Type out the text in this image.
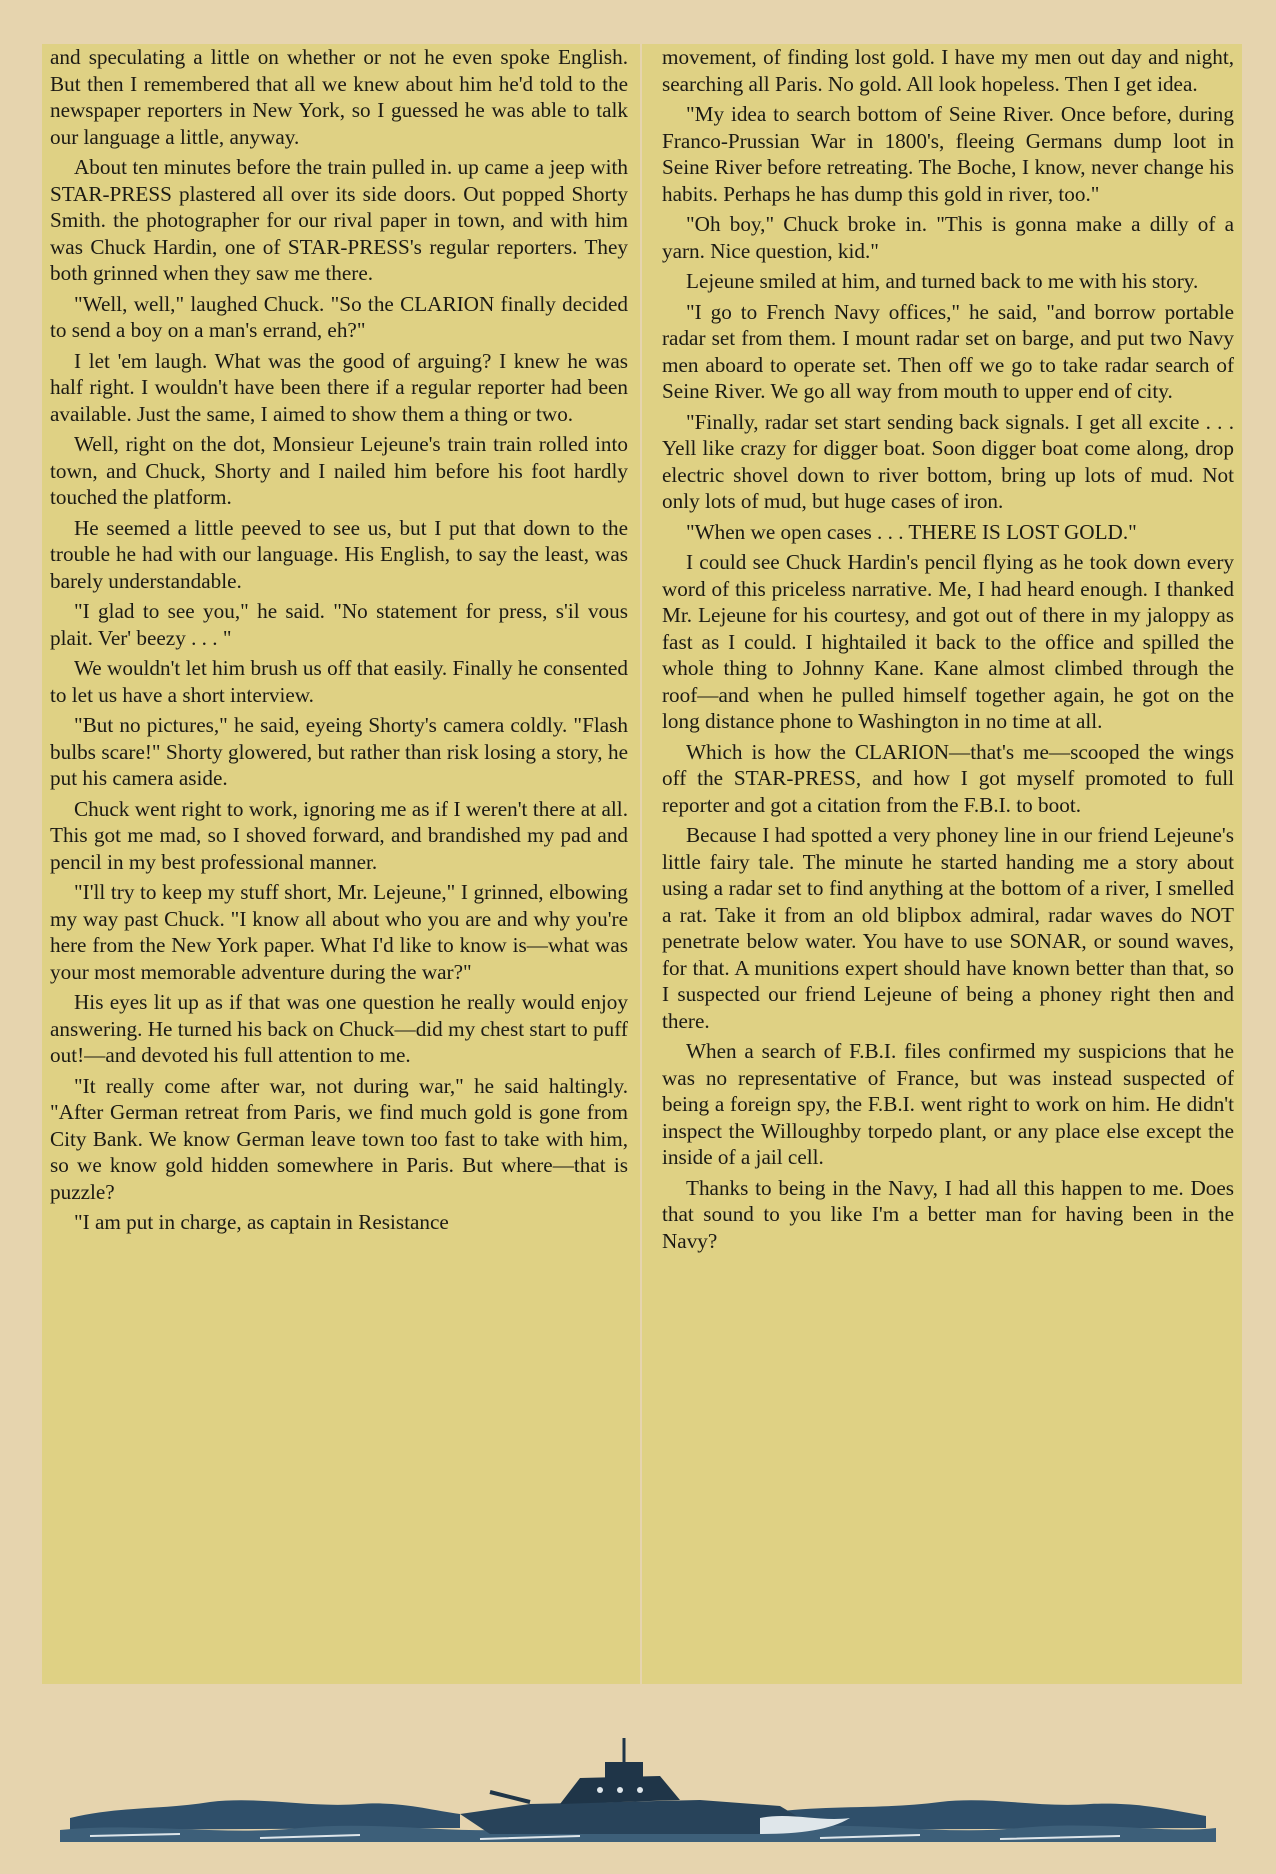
and speculating a little on whether or not he even spoke English. But then I remembered that all we knew about him he'd told to the newspaper reporters in New York, so I guessed he was able to talk our language a little, anyway.

About ten minutes before the train pulled in. up came a jeep with STAR-PRESS plastered all over its side doors. Out popped Shorty Smith. the photographer for our rival paper in town, and with him was Chuck Hardin, one of STAR-PRESS's regular reporters. They both grinned when they saw me there.

"Well, well," laughed Chuck. "So the CLARION finally decided to send a boy on a man's errand, eh?"

I let 'em laugh. What was the good of arguing? I knew he was half right. I wouldn't have been there if a regular reporter had been available. Just the same, I aimed to show them a thing or two.

Well, right on the dot, Monsieur Lejeune's train train rolled into town, and Chuck, Shorty and I nailed him before his foot hardly touched the platform.

He seemed a little peeved to see us, but I put that down to the trouble he had with our language. His English, to say the least, was barely understandable.

"I glad to see you," he said. "No statement for press, s'il vous plait. Ver' beezy . . . "

We wouldn't let him brush us off that easily. Finally he consented to let us have a short interview.

"But no pictures," he said, eyeing Shorty's camera coldly. "Flash bulbs scare!" Shorty glowered, but rather than risk losing a story, he put his camera aside.

Chuck went right to work, ignoring me as if I weren't there at all. This got me mad, so I shoved forward, and brandished my pad and pencil in my best professional manner.

"I'll try to keep my stuff short, Mr. Lejeune," I grinned, elbowing my way past Chuck. "I know all about who you are and why you're here from the New York paper. What I'd like to know is—what was your most memorable adventure during the war?"

His eyes lit up as if that was one question he really would enjoy answering. He turned his back on Chuck—did my chest start to puff out!—and devoted his full attention to me.

"It really come after war, not during war," he said haltingly. "After German retreat from Paris, we find much gold is gone from City Bank. We know German leave town too fast to take with him, so we know gold hidden somewhere in Paris. But where—that is puzzle?

"I am put in charge, as captain in Resistance

movement, of finding lost gold. I have my men out day and night, searching all Paris. No gold. All look hopeless. Then I get idea.

"My idea to search bottom of Seine River. Once before, during Franco-Prussian War in 1800's, fleeing Germans dump loot in Seine River before retreating. The Boche, I know, never change his habits. Perhaps he has dump this gold in river, too."

"Oh boy," Chuck broke in. "This is gonna make a dilly of a yarn. Nice question, kid."

Lejeune smiled at him, and turned back to me with his story.

"I go to French Navy offices," he said, "and borrow portable radar set from them. I mount radar set on barge, and put two Navy men aboard to operate set. Then off we go to take radar search of Seine River. We go all way from mouth to upper end of city.

"Finally, radar set start sending back signals. I get all excite . . . Yell like crazy for digger boat. Soon digger boat come along, drop electric shovel down to river bottom, bring up lots of mud. Not only lots of mud, but huge cases of iron.

"When we open cases . . . THERE IS LOST GOLD."

I could see Chuck Hardin's pencil flying as he took down every word of this priceless narrative. Me, I had heard enough. I thanked Mr. Lejeune for his courtesy, and got out of there in my jaloppy as fast as I could. I hightailed it back to the office and spilled the whole thing to Johnny Kane. Kane almost climbed through the roof—and when he pulled himself together again, he got on the long distance phone to Washington in no time at all.

Which is how the CLARION—that's me—scooped the wings off the STAR-PRESS, and how I got myself promoted to full reporter and got a citation from the F.B.I. to boot.

Because I had spotted a very phoney line in our friend Lejeune's little fairy tale. The minute he started handing me a story about using a radar set to find anything at the bottom of a river, I smelled a rat. Take it from an old blipbox admiral, radar waves do NOT penetrate below water. You have to use SONAR, or sound waves, for that. A munitions expert should have known better than that, so I suspected our friend Lejeune of being a phoney right then and there.

When a search of F.B.I. files confirmed my suspicions that he was no representative of France, but was instead suspected of being a foreign spy, the F.B.I. went right to work on him. He didn't inspect the Willoughby torpedo plant, or any place else except the inside of a jail cell.

Thanks to being in the Navy, I had all this happen to me. Does that sound to you like I'm a better man for having been in the Navy?
